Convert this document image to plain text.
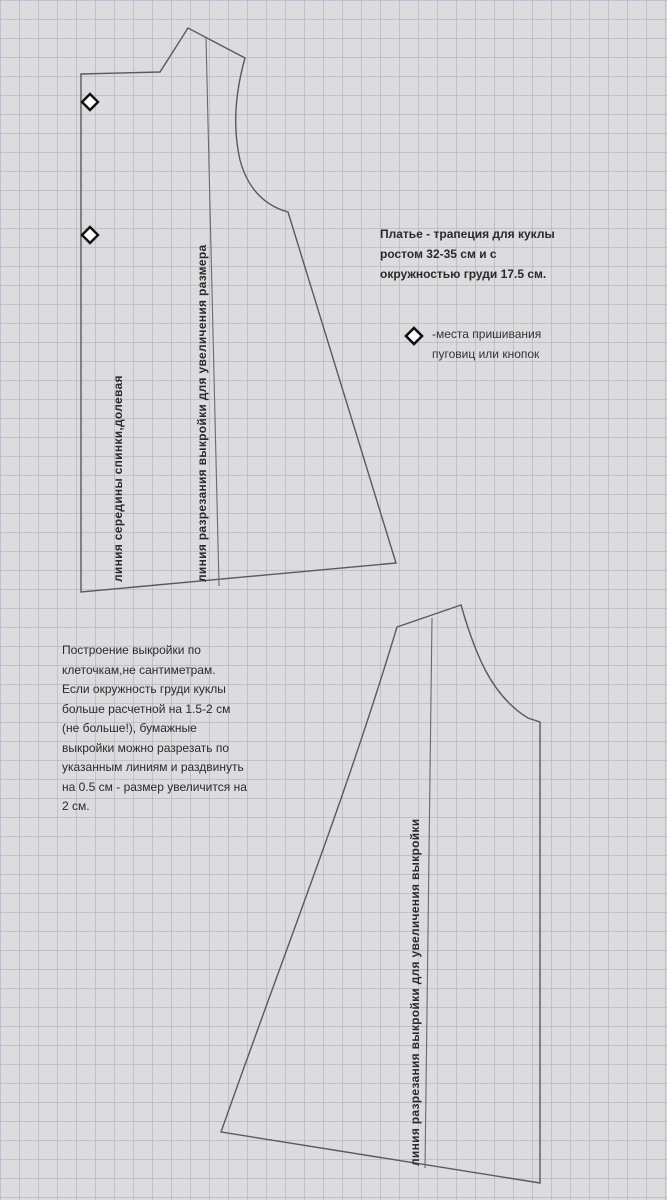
линия середины спинки,долевая	линия разрезания выкройки для увеличения размера
линия разрезания выкройки для увеличения выкройки
Платье - трапеция для куклы
ростом 32-35 см и с
окружностью груди 17.5 см.
-места пришивания
пуговиц или кнопок
Построение выкройки по
клеточкам,не сантиметрам.
Если окружность груди куклы
больше расчетной на 1.5-2 см
(не больше!), бумажные
выкройки можно разрезать по
указанным линиям и раздвинуть
на 0.5 см - размер увеличится на
2 см.
